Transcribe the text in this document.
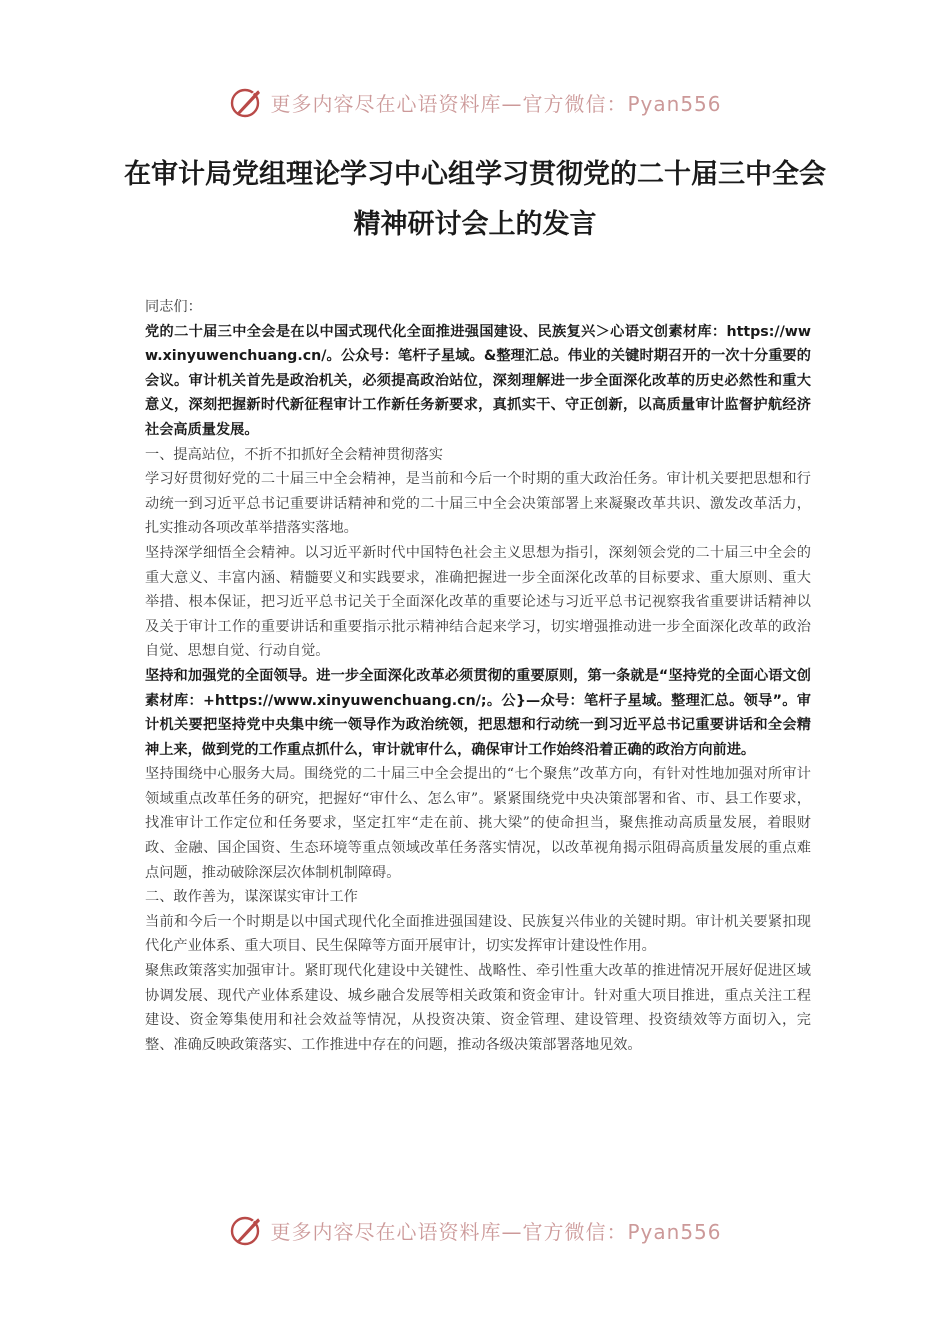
更多内容尽在心语资料库—官方微信：Pyan556
在审计局党组理论学习中心组学习贯彻党的二十届三中全会精神研讨会上的发言

同志们：

党的二十届三中全会是在以中国式现代化全面推进强国建设、民族复兴＞心语文创素材库：https://www.xinyuwenchuang.cn/。公众号：笔杆子星域。&整理汇总。伟业的关键时期召开的一次十分重要的会议。审计机关首先是政治机关，必须提高政治站位，深刻理解进一步全面深化改革的历史必然性和重大意义，深刻把握新时代新征程审计工作新任务新要求，真抓实干、守正创新，以高质量审计监督护航经济社会高质量发展。

一、提高站位，不折不扣抓好全会精神贯彻落实

学习好贯彻好党的二十届三中全会精神，是当前和今后一个时期的重大政治任务。审计机关要把思想和行动统一到习近平总书记重要讲话精神和党的二十届三中全会决策部署上来凝聚改革共识、激发改革活力，扎实推动各项改革举措落实落地。

坚持深学细悟全会精神。以习近平新时代中国特色社会主义思想为指引，深刻领会党的二十届三中全会的重大意义、丰富内涵、精髓要义和实践要求，准确把握进一步全面深化改革的目标要求、重大原则、重大举措、根本保证，把习近平总书记关于全面深化改革的重要论述与习近平总书记视察我省重要讲话精神以及关于审计工作的重要讲话和重要指示批示精神结合起来学习，切实增强推动进一步全面深化改革的政治自觉、思想自觉、行动自觉。

坚持和加强党的全面领导。进一步全面深化改革必须贯彻的重要原则，第一条就是“坚持党的全面心语文创素材库：+https://www.xinyuwenchuang.cn/;。公}—众号：笔杆子星域。整理汇总。领导”。审计机关要把坚持党中央集中统一领导作为政治统领，把思想和行动统一到习近平总书记重要讲话和全会精神上来，做到党的工作重点抓什么，审计就审什么，确保审计工作始终沿着正确的政治方向前进。

坚持围绕中心服务大局。围绕党的二十届三中全会提出的“七个聚焦”改革方向，有针对性地加强对所审计领域重点改革任务的研究，把握好“审什么、怎么审”。紧紧围绕党中央决策部署和省、市、县工作要求，找准审计工作定位和任务要求，坚定扛牢“走在前、挑大梁”的使命担当，聚焦推动高质量发展，着眼财政、金融、国企国资、生态环境等重点领域改革任务落实情况，以改革视角揭示阻碍高质量发展的重点难点问题，推动破除深层次体制机制障碍。

二、敢作善为，谋深谋实审计工作

当前和今后一个时期是以中国式现代化全面推进强国建设、民族复兴伟业的关键时期。审计机关要紧扣现代化产业体系、重大项目、民生保障等方面开展审计，切实发挥审计建设性作用。

聚焦政策落实加强审计。紧盯现代化建设中关键性、战略性、牵引性重大改革的推进情况开展好促进区域协调发展、现代产业体系建设、城乡融合发展等相关政策和资金审计。针对重大项目推进，重点关注工程建设、资金筹集使用和社会效益等情况，从投资决策、资金管理、建设管理、投资绩效等方面切入，完整、准确反映政策落实、工作推进中存在的问题，推动各级决策部署落地见效。

更多内容尽在心语资料库—官方微信：Pyan556
